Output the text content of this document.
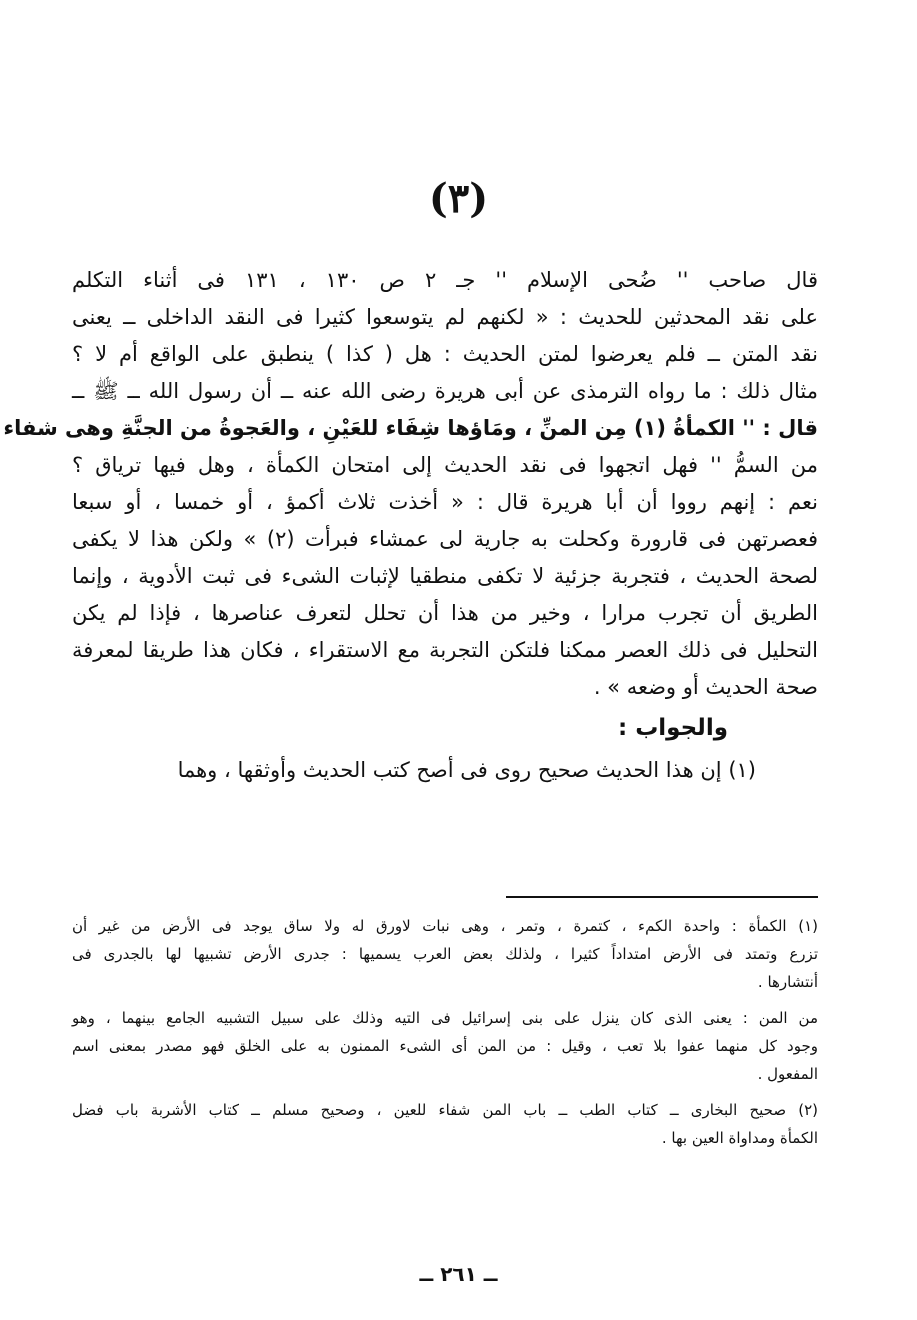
(٣)
قال صاحب '' ضُحى الإسلام '' جـ ٢ ص ١٣٠ ، ١٣١ فى أثناء التكلم
على نقد المحدثين للحديث : « لكنهم لم يتوسعوا كثيرا فى النقد الداخلى ــ يعنى
نقد المتن ــ فلم يعرضوا لمتن الحديث : هل ( كذا ) ينطبق على الواقع أم لا ؟
مثال ذلك : ما رواه الترمذى عن أبى هريرة رضى الله عنه ــ أن رسول الله ــ ﷺ ــ
قال : '' الكمأةُ (١) مِن المنِّ ، ومَاؤها شِفَاء للعَيْنِ ، والعَجوةُ من الجنَّةِ وهى شفاء
من السمُّ '' فهل اتجهوا فى نقد الحديث إلى امتحان الكمأة ، وهل فيها ترياق ؟
نعم : إنهم رووا أن أبا هريرة قال : « أخذت ثلاث أكمؤ ، أو خمسا ، أو سبعا
فعصرتهن فى قارورة وكحلت به جارية لى عمشاء فبرأت (٢) » ولكن هذا لا يكفى
لصحة الحديث ، فتجربة جزئية لا تكفى منطقيا لإثبات الشىء فى ثبت الأدوية ، وإنما
الطريق أن تجرب مرارا ، وخير من هذا أن تحلل لتعرف عناصرها ، فإذا لم يكن
التحليل فى ذلك العصر ممكنا فلتكن التجربة مع الاستقراء ، فكان هذا طريقا لمعرفة
صحة الحديث أو وضعه » .
والجواب :
(١) إن هذا الحديث صحيح روى فى أصح كتب الحديث وأوثقها ، وهما
(١) الكمأة : واحدة الكمء ، كتمرة ، وتمر ، وهى نبات لاورق له ولا ساق يوجد فى الأرض من غير أن
تزرع وتمتد فى الأرض امتداداً كثيرا ، ولذلك بعض العرب يسميها : جدرى الأرض تشبيها لها بالجدرى فى
أنتشارها .
من المن : يعنى الذى كان ينزل على بنى إسرائيل فى التيه وذلك على سبيل التشبيه الجامع بينهما ، وهو
وجود كل منهما عفوا بلا تعب ، وقيل : من المن أى الشىء الممنون به على الخلق فهو مصدر بمعنى اسم
المفعول .
(٢) صحيح البخارى ــ كتاب الطب ــ باب المن شفاء للعين ، وصحيح مسلم ــ كتاب الأشربة باب فضل
الكمأة ومداواة العين بها .
ــ ٢٦١ ــ
